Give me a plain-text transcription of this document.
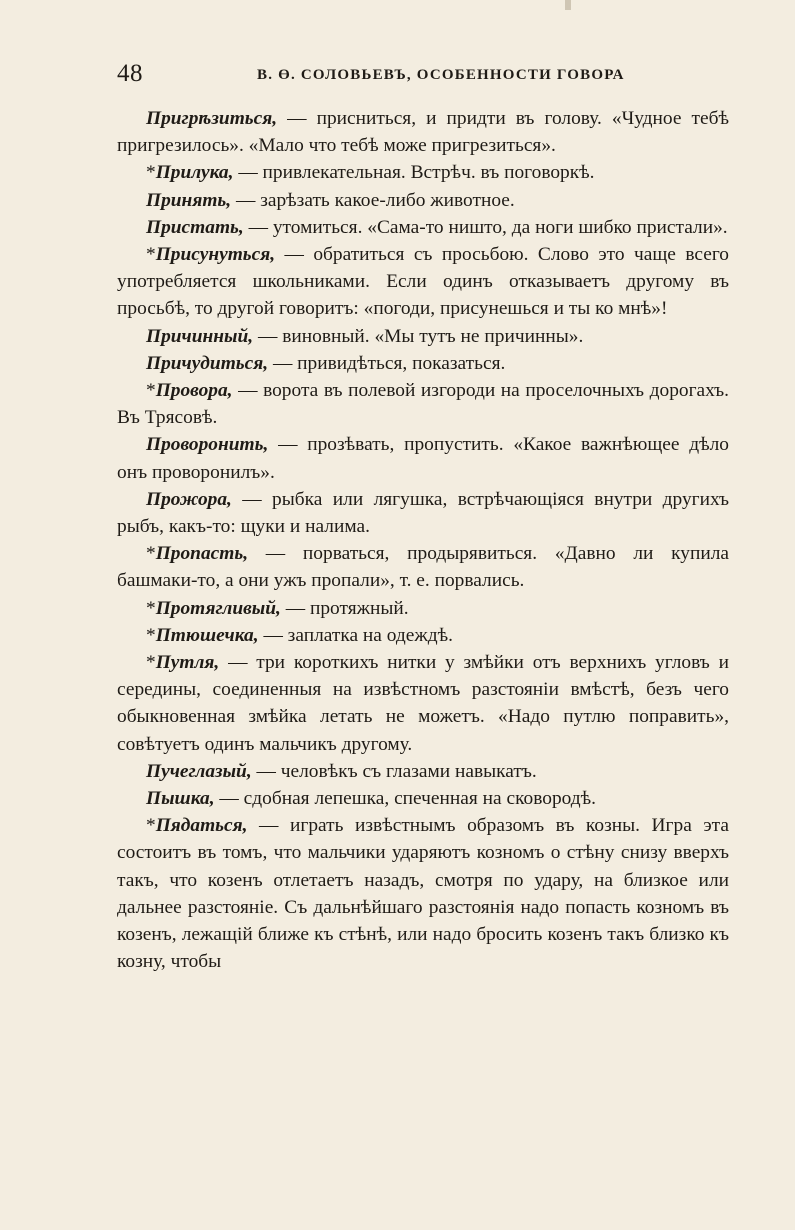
48	В. Ө. СОЛОВЬЕВЪ, ОСОБЕННОСТИ ГОВОРА

Пригрѣзиться, — присниться, и придти въ голову. «Чудное тебѣ пригрезилось». «Мало что тебѣ може пригрезиться».

*Прилука, — привлекательная. Встрѣч. въ поговоркѣ.

Принять, — зарѣзать какое-либо животное.

Пристать, — утомиться. «Сама-то ништо, да ноги шибко пристали».

*Присунуться, — обратиться съ просьбою. Слово это чаще всего употребляется школьниками. Если одинъ отказываетъ другому въ просьбѣ, то другой говоритъ: «погоди, присунешься и ты ко мнѣ»!

Причинный, — виновный. «Мы тутъ не причинны».

Причудиться, — привидѣться, показаться.

*Проворa, — ворота въ полевой изгороди на проселочныхъ дорогахъ. Въ Трясовѣ.

Проворонить, — прозѣвать, пропустить. «Какое важнѣющее дѣло онъ проворонилъ».

Прожора, — рыбка или лягушка, встрѣчающіяся внутри другихъ рыбъ, какъ-то: щуки и налима.

*Пропасть, — порваться, продырявиться. «Давно ли купила башмаки-то, а они ужъ пропали», т. е. порвались.

*Протягливый, — протяжный.

*Птюшечка, — заплатка на одеждѣ.

*Путля, — три короткихъ нитки у змѣйки отъ верхнихъ угловъ и середины, соединенныя на извѣстномъ разстояніи вмѣстѣ, безъ чего обыкновенная змѣйка летать не можетъ. «Надо путлю поправить», совѣтуетъ одинъ мальчикъ другому.

Пучеглазый, — человѣкъ съ глазами навыкатъ.

Пышка, — сдобная лепешка, спеченная на сковородѣ.

*Пядаться, — играть извѣстнымъ образомъ въ козны. Игра эта состоитъ въ томъ, что мальчики ударяютъ козномъ о стѣну снизу вверхъ такъ, что козенъ отлетаетъ назадъ, смотря по удару, на близкое или дальнее разстояніе. Съ дальнѣйшаго разстоянія надо попасть козномъ въ козенъ, лежащій ближе къ стѣнѣ, или надо бросить козенъ такъ близко къ козну, чтобы
